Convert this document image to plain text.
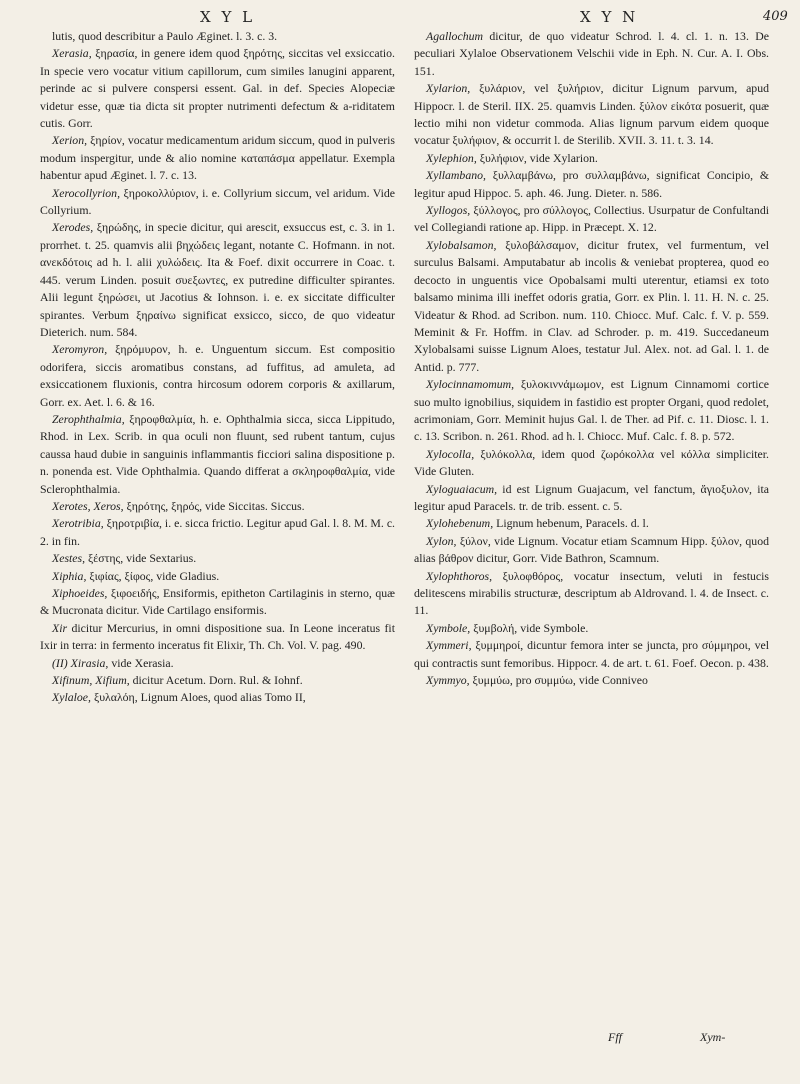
X Y L	X Y N	409

lutis, quod describitur a Paulo Æginet. l. 3. c. 3.

Xerasia, ξηρασία, in genere idem quod ξηρότης, siccitas vel exsiccatio. In specie vero vocatur vitium capillorum, cum similes lanugini apparent, perinde ac si pulvere conspersi essent. Gal. in def. Species Alopeciæ videtur esse, quæ tia dicta sit propter nutrimenti defectum & a-riditatem cutis. Gorr.

Xerion, ξηρίον, vocatur medicamentum aridum siccum, quod in pulveris modum inspergitur, unde & alio nomine καταπάσμα appellatur. Exempla habentur apud Æginet. l. 7. c. 13.

Xerocollyrion, ξηροκολλύριον, i. e. Collyrium siccum, vel aridum. Vide Collyrium.

Xerodes, ξηρώδης, in specie dicitur, qui arescit, exsuccus est, c. 3. in 1. prorrhet. t. 25. quamvis alii βηχώδεις legant, notante C. Hofmann. in not. ανεκδότοις ad h. l. alii χυλώδεις. Ita & Foef. dixit occurrere in Coac. t. 445. verum Linden. posuit συεξωντες, ex putredine difficulter spirantes. Alii legunt ξηρώσει, ut Jacotius & Iohnson. i. e. ex siccitate difficulter spirantes. Verbum ξηραίνω significat exsicco, sicco, de quo videatur Dieterich. num. 584.

Xeromyron, ξηρόμυρον, h. e. Unguentum siccum. Est compositio odorifera, siccis aromatibus constans, ad fuffitus, ad amuleta, ad exsiccationem fluxionis, contra hircosum odorem corporis & axillarum, Gorr. ex. Aet. l. 6. & 16.

Zerophthalmia, ξηροφθαλμία, h. e. Ophthalmia sicca, sicca Lippitudo, Rhod. in Lex. Scrib. in qua oculi non fluunt, sed rubent tantum, cujus caussa haud dubie in sanguinis inflammantis ficciori salina dispositione p. n. ponenda est. Vide Ophthalmia. Quando differat a σκληροφθαλμία, vide Sclerophthalmia.

Xerotes, Xeros, ξηρότης, ξηρός, vide Siccitas. Siccus.

Xerotribia, ξηροτριβία, i. e. sicca frictio. Legitur apud Gal. l. 8. M. M. c. 2. in fin.

Xestes, ξέστης, vide Sextarius.

Xiphia, ξιφίας, ξίφος, vide Gladius.

Xiphoeides, ξιφοειδής, Ensiformis, epitheton Cartilaginis in sterno, quæ & Mucronata dicitur. Vide Cartilago ensiformis.

Xir dicitur Mercurius, in omni dispositione sua. In Leone inceratus fit Ixir in terra: in fermento inceratus fit Elixir, Th. Ch. Vol. V. pag. 490.

(II) Xirasia, vide Xerasia.

Xifinum, Xifium, dicitur Acetum. Dorn. Rul. & Iohnf.

Xylaloe, ξυλαλόη, Lignum Aloes, quod alias Tomo II,

Agallochum dicitur, de quo videatur Schrod. l. 4. cl. 1. n. 13. De peculiari Xylaloe Observationem Velschii vide in Eph. N. Cur. A. I. Obs. 151.

Xylarion, ξυλάριον, vel ξυλήριον, dicitur Lignum parvum, apud Hippocr. l. de Steril. IIX. 25. quamvis Linden. ξύλον εἰκότα posuerit, quæ lectio mihi non videtur commoda. Alias lignum parvum eidem quoque vocatur ξυλήφιον, & occurrit l. de Sterilib. XVII. 3. 11. t. 3. 14.

Xylephion, ξυλήφιον, vide Xylarion.

Xyllambano, ξυλλαμβάνω, pro συλλαμβάνω, significat Concipio, & legitur apud Hippoc. 5. aph. 46. Jung. Dieter. n. 586.

Xyllogos, ξύλλογος, pro σύλλογος, Collectius. Usurpatur de Confultandi vel Collegiandi ratione ap. Hipp. in Præcept. X. 12.

Xylobalsamon, ξυλοβάλσαμον, dicitur frutex, vel furmentum, vel surculus Balsami. Amputabatur ab incolis & veniebat propterea, quod eo decocto in unguentis vice Opobalsami multi uterentur, etiamsi ex toto balsamo minima illi ineffet odoris gratia, Gorr. ex Plin. l. 11. H. N. c. 25. Videatur & Rhod. ad Scribon. num. 110. Chiocc. Muf. Calc. f. V. p. 559. Meminit & Fr. Hoffm. in Clav. ad Schroder. p. m. 419. Succedaneum Xylobalsami suisse Lignum Aloes, testatur Jul. Alex. not. ad Gal. l. 1. de Antid. p. 777.

Xylocinnamomum, ξυλοκιννάμωμον, est Lignum Cinnamomi cortice suo multo ignobilius, siquidem in fastidio est propter Organi, quod redolet, acrimoniam, Gorr. Meminit hujus Gal. l. de Ther. ad Pif. c. 11. Diosc. l. 1. c. 13. Scribon. n. 261. Rhod. ad h. l. Chiocc. Muf. Calc. f. 8. p. 572.

Xylocolla, ξυλόκολλα, idem quod ζωρόκολλα vel κόλλα simpliciter. Vide Gluten.

Xyloguaiacum, id est Lignum Guajacum, vel fanctum, ἅγιοξυλον, ita legitur apud Paracels. tr. de trib. essent. c. 5.

Xylohebenum, Lignum hebenum, Paracels. d. l.

Xylon, ξύλον, vide Lignum. Vocatur etiam Scamnum Hipp. ξύλον, quod alias βάθρον dicitur, Gorr. Vide Bathron, Scamnum.

Xylophthoros, ξυλοφθόρος, vocatur insectum, veluti in festucis delitescens mirabilis structuræ, descriptum ab Aldrovand. l. 4. de Insect. c. 11.

Xymbole, ξυμβολή, vide Symbole.

Xymmeri, ξυμμηροί, dicuntur femora inter se juncta, pro σύμμηροι, vel qui contractis sunt femoribus. Hippocr. 4. de art. t. 61. Foef. Oecon. p. 438.

Xymmyo, ξυμμύω, pro συμμύω, vide Conniveo

Fff	Xym-
